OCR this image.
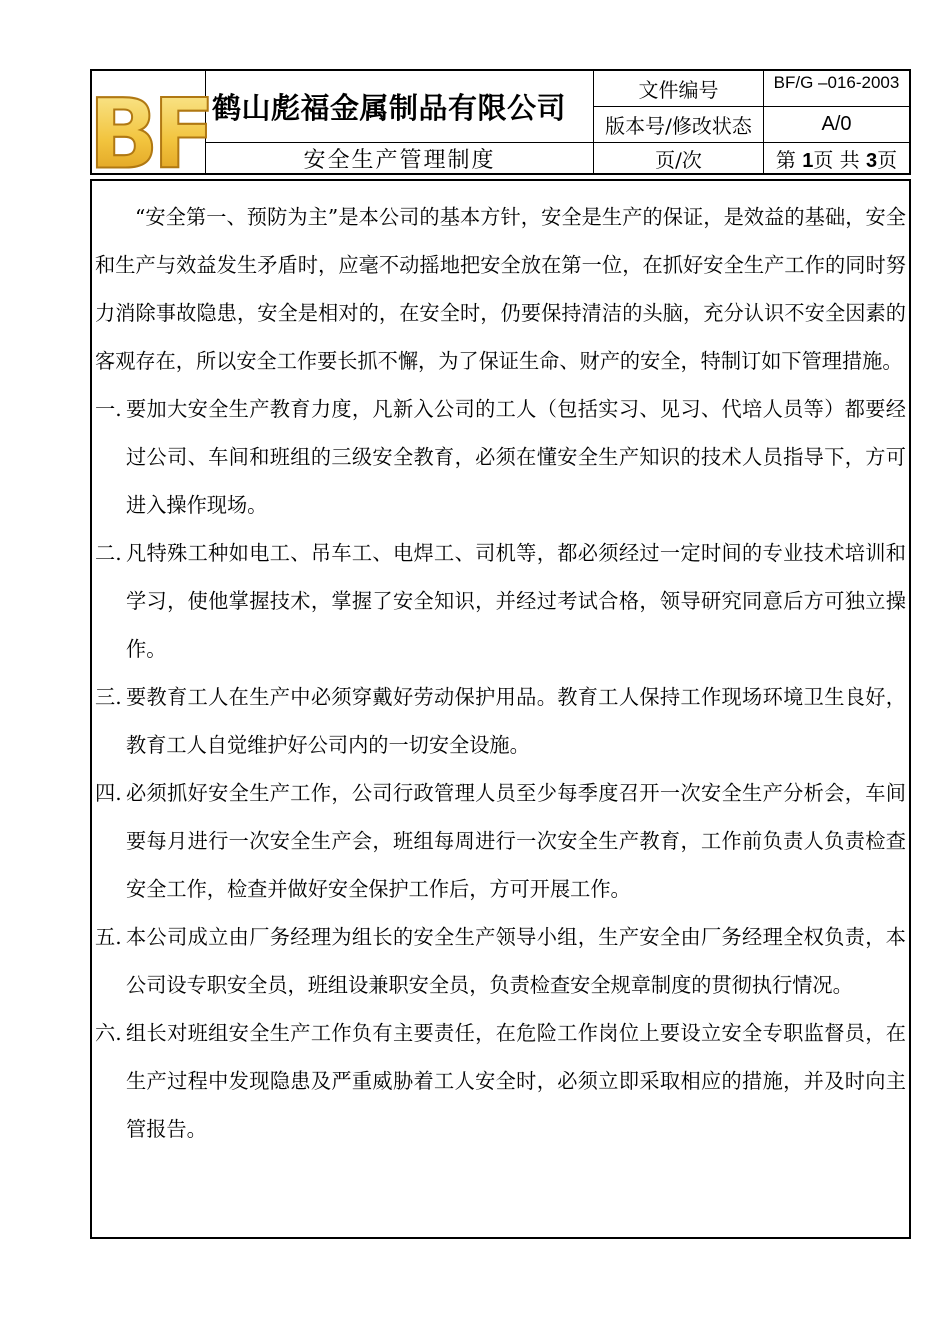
BF 鹤山彪福金属制品有限公司
安全生产管理制度
文件编号	BF/G –016-2003
版本号/修改状态	A/0
页/次	第 1页 共 3页

“安全第一、预防为主”是本公司的基本方针，安全是生产的保证，是效益的基础，安全和生产与效益发生矛盾时，应毫不动摇地把安全放在第一位，在抓好安全生产工作的同时努力消除事故隐患，安全是相对的，在安全时，仍要保持清洁的头脑，充分认识不安全因素的客观存在，所以安全工作要长抓不懈，为了保证生命、财产的安全，特制订如下管理措施。

一. 要加大安全生产教育力度，凡新入公司的工人（包括实习、见习、代培人员等）都要经过公司、车间和班组的三级安全教育，必须在懂安全生产知识的技术人员指导下，方可进入操作现场。
二. 凡特殊工种如电工、吊车工、电焊工、司机等，都必须经过一定时间的专业技术培训和学习，使他掌握技术，掌握了安全知识，并经过考试合格，领导研究同意后方可独立操作。
三. 要教育工人在生产中必须穿戴好劳动保护用品。教育工人保持工作现场环境卫生良好，教育工人自觉维护好公司内的一切安全设施。
四. 必须抓好安全生产工作，公司行政管理人员至少每季度召开一次安全生产分析会，车间要每月进行一次安全生产会，班组每周进行一次安全生产教育，工作前负责人负责检查安全工作，检查并做好安全保护工作后，方可开展工作。
五. 本公司成立由厂务经理为组长的安全生产领导小组，生产安全由厂务经理全权负责，本公司设专职安全员，班组设兼职安全员，负责检查安全规章制度的贯彻执行情况。
六. 组长对班组安全生产工作负有主要责任，在危险工作岗位上要设立安全专职监督员，在生产过程中发现隐患及严重威胁着工人安全时，必须立即采取相应的措施，并及时向主管报告。
